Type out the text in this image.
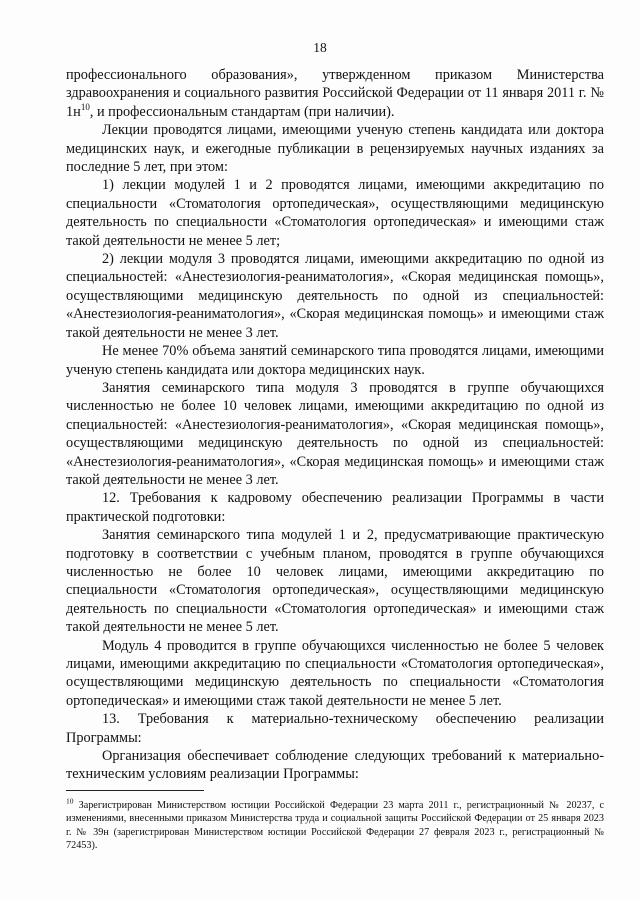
18

профессионального образования», утвержденном приказом Министерства здравоохранения и социального развития Российской Федерации от 11 января 2011 г. № $1н^{10}$, и профессиональным стандартам (при наличии).

Лекции проводятся лицами, имеющими ученую степень кандидата или доктора медицинских наук, и ежегодные публикации в рецензируемых научных изданиях за последние 5 лет, при этом:

1) лекции модулей 1 и 2 проводятся лицами, имеющими аккредитацию по специальности «Стоматология ортопедическая», осуществляющими медицинскую деятельность по специальности «Стоматология ортопедическая» и имеющими стаж такой деятельности не менее 5 лет;

2) лекции модуля 3 проводятся лицами, имеющими аккредитацию по одной из специальностей: «Анестезиология-реаниматология», «Скорая медицинская помощь», осуществляющими медицинскую деятельность по одной из специальностей: «Анестезиология-реаниматология», «Скорая медицинская помощь» и имеющими стаж такой деятельности не менее 3 лет.

Не менее 70% объема занятий семинарского типа проводятся лицами, имеющими ученую степень кандидата или доктора медицинских наук.

Занятия семинарского типа модуля 3 проводятся в группе обучающихся численностью не более 10 человек лицами, имеющими аккредитацию по одной из специальностей: «Анестезиология-реаниматология», «Скорая медицинская помощь», осуществляющими медицинскую деятельность по одной из специальностей: «Анестезиология-реаниматология», «Скорая медицинская помощь» и имеющими стаж такой деятельности не менее 3 лет.

12. Требования к кадровому обеспечению реализации Программы в части практической подготовки:

Занятия семинарского типа модулей 1 и 2, предусматривающие практическую подготовку в соответствии с учебным планом, проводятся в группе обучающихся численностью не более 10 человек лицами, имеющими аккредитацию по специальности «Стоматология ортопедическая», осуществляющими медицинскую деятельность по специальности «Стоматология ортопедическая» и имеющими стаж такой деятельности не менее 5 лет.

Модуль 4 проводится в группе обучающихся численностью не более 5 человек лицами, имеющими аккредитацию по специальности «Стоматология ортопедическая», осуществляющими медицинскую деятельность по специальности «Стоматология ортопедическая» и имеющими стаж такой деятельности не менее 5 лет.

13. Требования к материально-техническому обеспечению реализации Программы:

Организация обеспечивает соблюдение следующих требований к материально-техническим условиям реализации Программы:

$^{10}$ Зарегистрирован Министерством юстиции Российской Федерации 23 марта 2011 г., регистрационный № 20237, с изменениями, внесенными приказом Министерства труда и социальной защиты Российской Федерации от 25 января 2023 г. № 39н (зарегистрирован Министерством юстиции Российской Федерации 27 февраля 2023 г., регистрационный № 72453).
